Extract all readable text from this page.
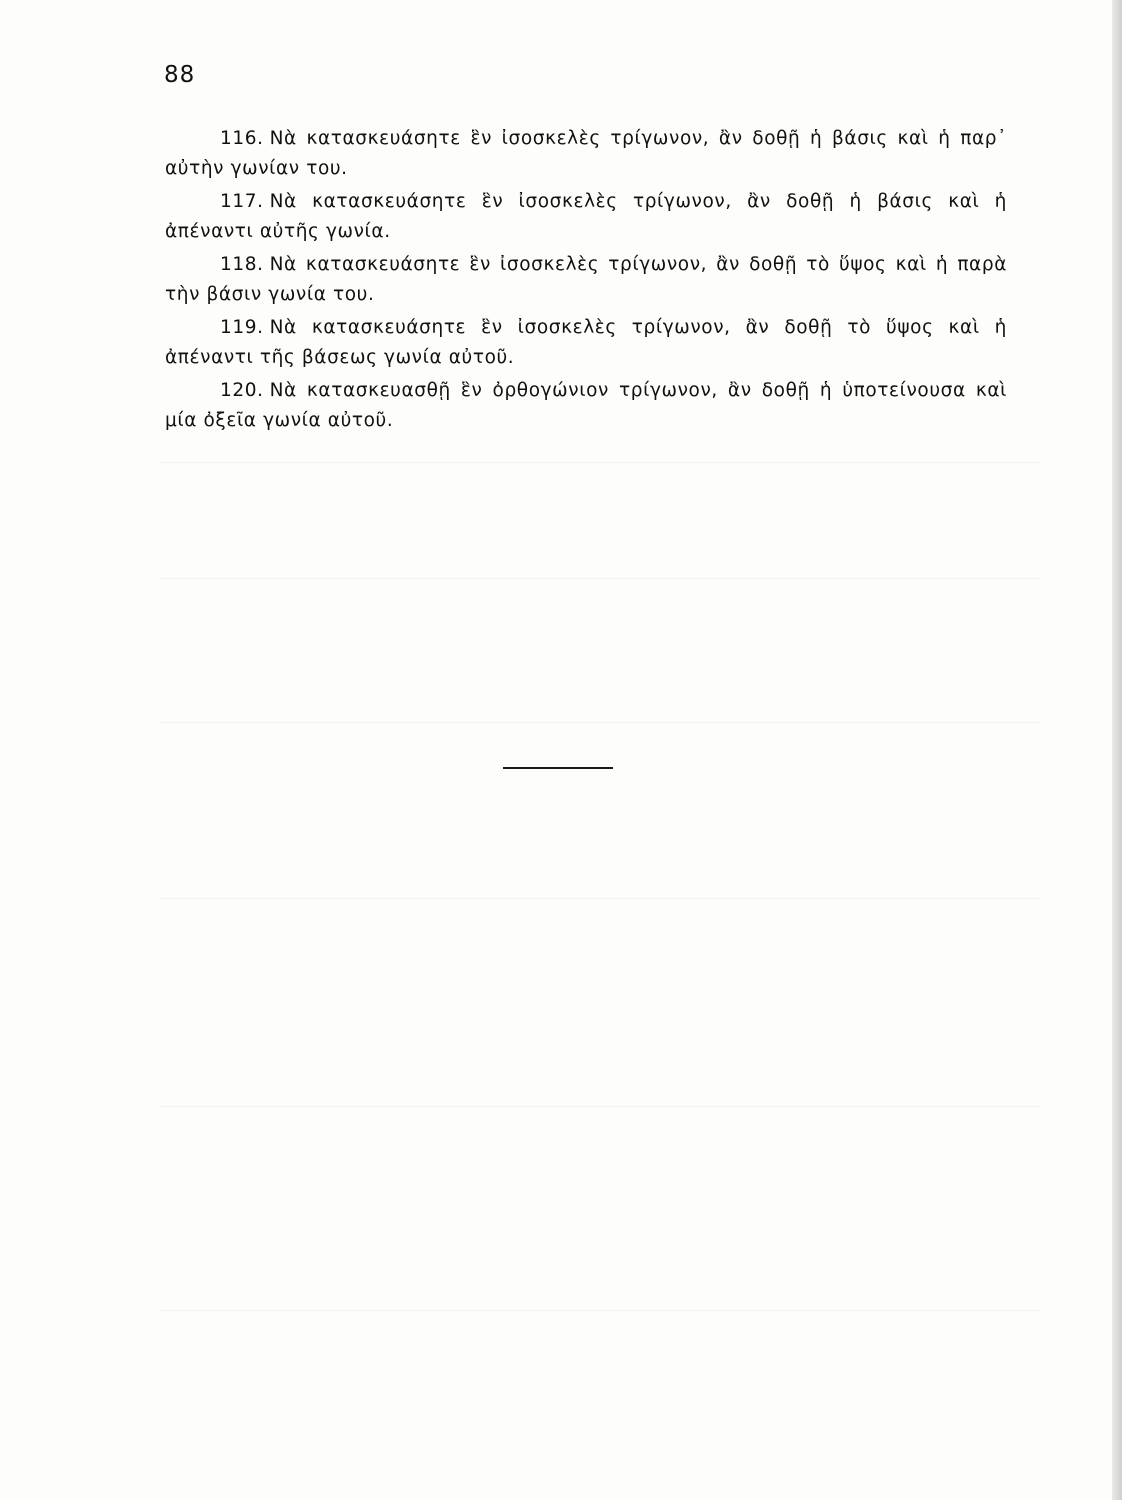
88

116. Νὰ κατασκευάσητε ἓν ἰσοσκελὲς τρίγωνον, ἂν δοθῇ ἡ βάσις καὶ ἡ παρ᾽ αὐτὴν γωνίαν του.

117. Νὰ κατασκευάσητε ἓν ἰσοσκελὲς τρίγωνον, ἂν δοθῇ ἡ βάσις καὶ ἡ ἀπέναντι αὐτῆς γωνία.

118. Νὰ κατασκευάσητε ἓν ἰσοσκελὲς τρίγωνον, ἂν δοθῇ τὸ ὕψος καὶ ἡ παρὰ τὴν βάσιν γωνία του.

119. Νὰ κατασκευάσητε ἓν ἰσοσκελὲς τρίγωνον, ἂν δοθῇ τὸ ὕψος καὶ ἡ ἀπέναντι τῆς βάσεως γωνία αὐτοῦ.

120. Νὰ κατασκευασθῇ ἓν ὀρθογώνιον τρίγωνον, ἂν δοθῇ ἡ ὑποτείνουσα καὶ μία ὀξεῖα γωνία αὐτοῦ.
